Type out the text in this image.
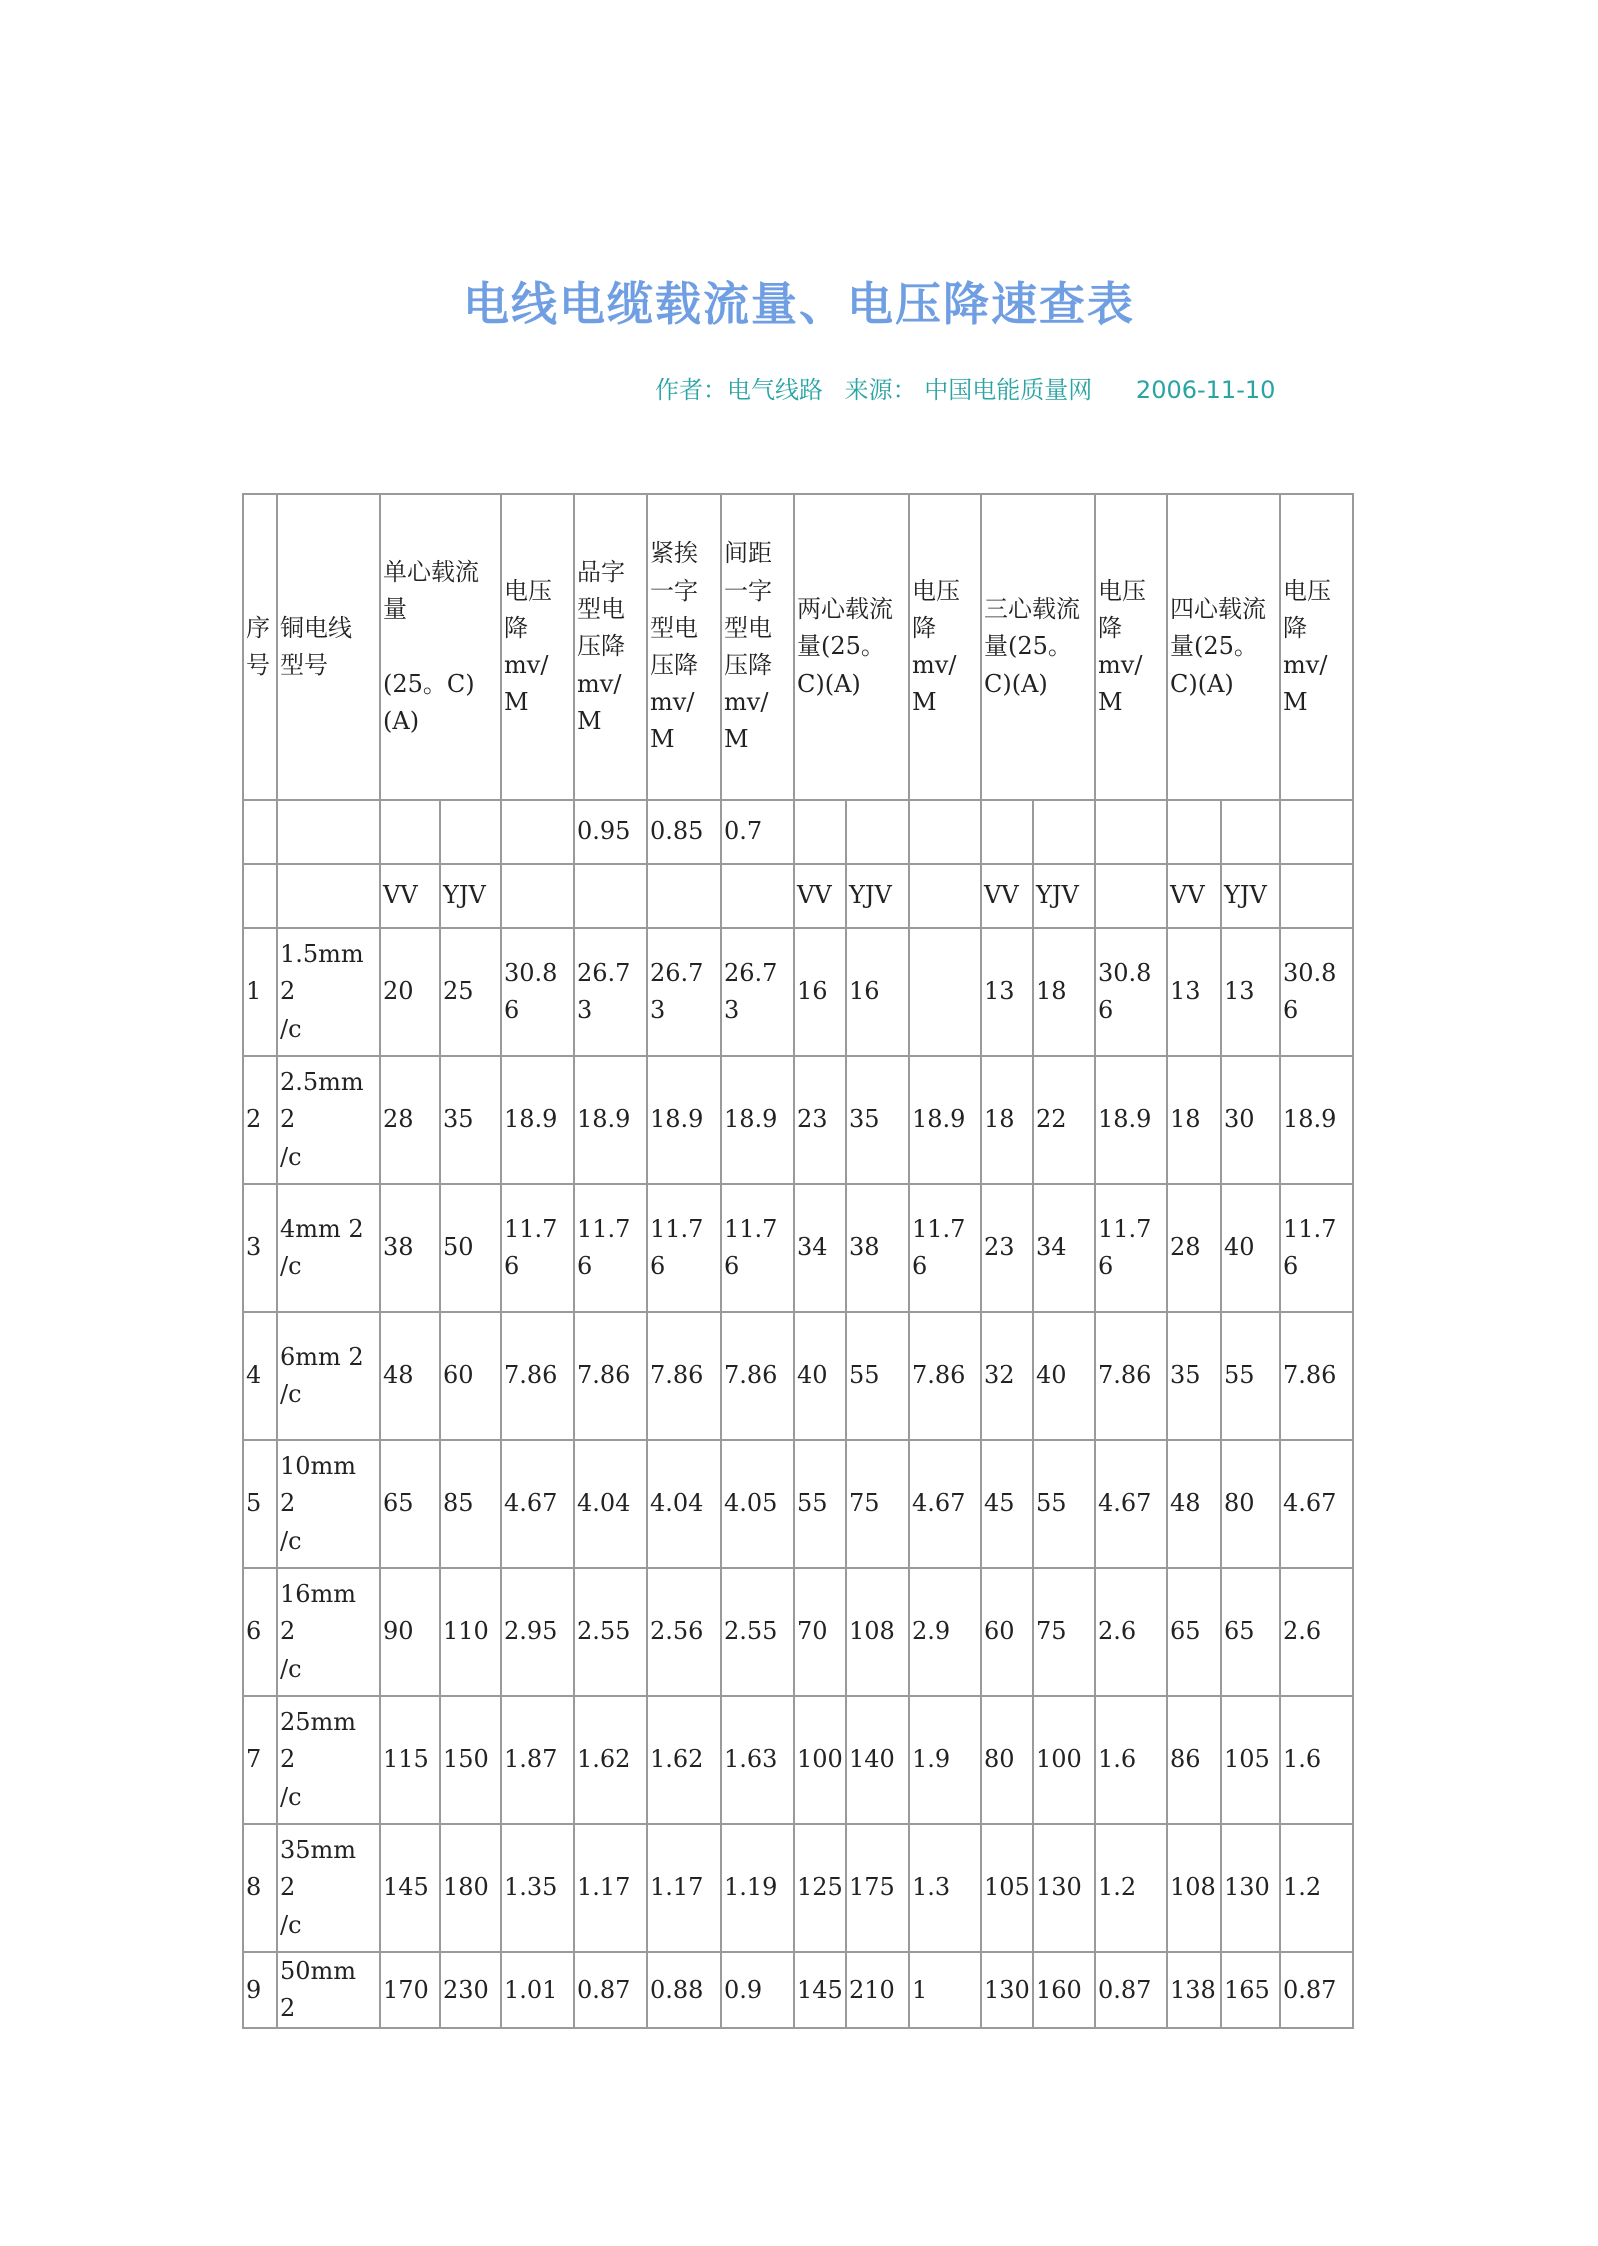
电线电缆载流量、电压降速查表
作者：电气线路 来源： 中国电能质量网 2006-11-10
序
号	铜电线
型号	单心载流
量

(25。C)(A)		电压
降
mv/M	品字
型电
压降
mv/M	紧挨
一字
型电
压降
mv/M	间距
一字
型电
压降
mv/M	两心载流
量(25。
C)(A)		电压
降
mv/M	三心载流
量(25。
C)(A)		电压
降
mv/M	四心载流
量(25。
C)(A)		电压
降
mv/M
					0.95	0.85	0.7									
		VV	YJV					VV	YJV		VV	YJV		VV	YJV	
1	1.5mm 2
/c	20	25	30.86	26.73	26.73	26.73	16	16		13	18	30.86	13	13	30.86
2	2.5mm 2
/c	28	35	18.9	18.9	18.9	18.9	23	35	18.9	18	22	18.9	18	30	18.9
3	4mm 2
/c	38	50	11.76	11.76	11.76	11.76	34	38	11.76	23	34	11.76	28	40	11.76
4	6mm 2
/c	48	60	7.86	7.86	7.86	7.86	40	55	7.86	32	40	7.86	35	55	7.86
5	10mm 2
/c	65	85	4.67	4.04	4.04	4.05	55	75	4.67	45	55	4.67	48	80	4.67
6	16mm 2
/c	90	110	2.95	2.55	2.56	2.55	70	108	2.9	60	75	2.6	65	65	2.6
7	25mm 2
/c	115	150	1.87	1.62	1.62	1.63	100	140	1.9	80	100	1.6	86	105	1.6
8	35mm 2
/c	145	180	1.35	1.17	1.17	1.19	125	175	1.3	105	130	1.2	108	130	1.2
9	50mm 2	170	230	1.01	0.87	0.88	0.9	145	210	1	130	160	0.87	138	165	0.87
